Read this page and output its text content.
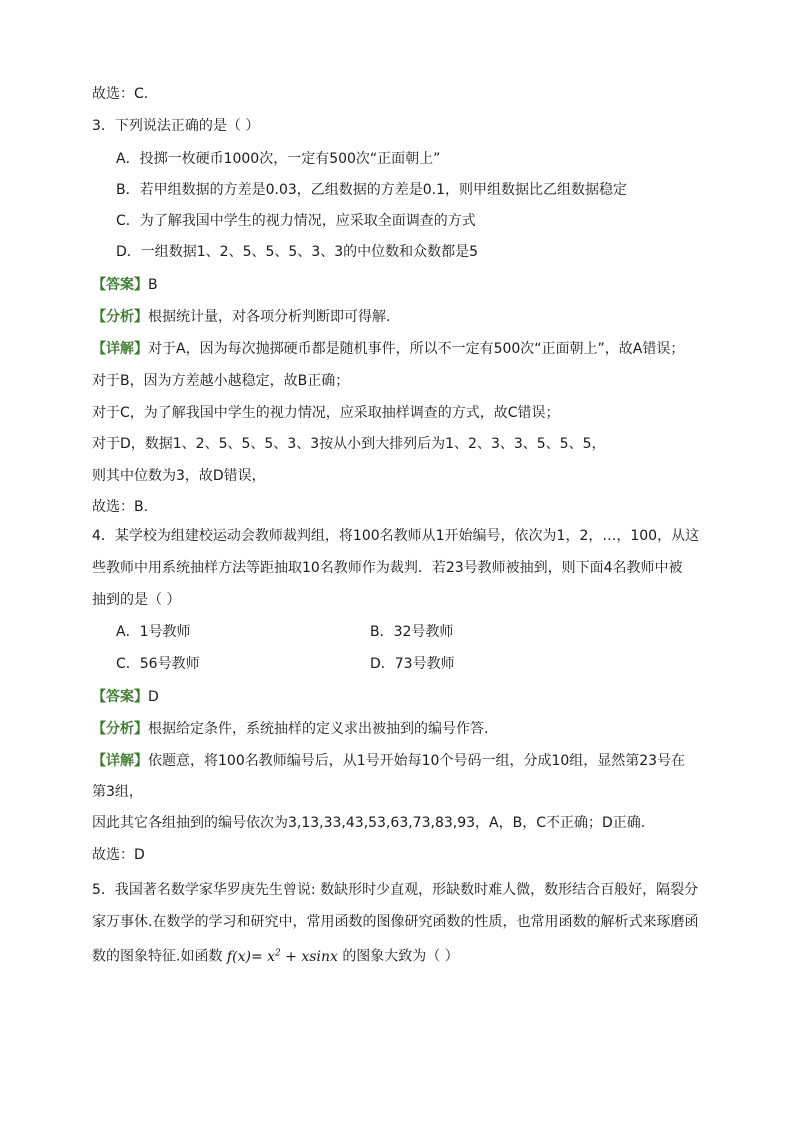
故选：C.
3．下列说法正确的是（ ）
A．投掷一枚硬币1000次，一定有500次“正面朝上”
B．若甲组数据的方差是0.03，乙组数据的方差是0.1，则甲组数据比乙组数据稳定
C．为了解我国中学生的视力情况，应采取全面调查的方式
D．一组数据1、2、5、5、5、3、3的中位数和众数都是5
【答案】B
【分析】根据统计量，对各项分析判断即可得解.
【详解】对于A，因为每次抛掷硬币都是随机事件，所以不一定有500次“正面朝上”，故A错误；
对于B，因为方差越小越稳定，故B正确；
对于C，为了解我国中学生的视力情况，应采取抽样调查的方式，故C错误；
对于D，数据1、2、5、5、5、3、3按从小到大排列后为1、2、3、3、5、5、5，
则其中位数为3，故D错误，
故选：B.
4．某学校为组建校运动会教师裁判组，将100名教师从1开始编号，依次为1，2，…，100，从这
些教师中用系统抽样方法等距抽取10名教师作为裁判．若23号教师被抽到，则下面4名教师中被
抽到的是（ ）
A．1号教师	B．32号教师
C．56号教师	D．73号教师
【答案】D
【分析】根据给定条件，系统抽样的定义求出被抽到的编号作答.
【详解】依题意，将100名教师编号后，从1号开始每10个号码一组，分成10组，显然第23号在
第3组，
因此其它各组抽到的编号依次为3,13,33,43,53,63,73,83,93，A，B，C不正确；D正确.
故选：D
5．我国著名数学家华罗庚先生曾说: 数缺形时少直观，形缺数时难人微，数形结合百般好，隔裂分
家万事休.在数学的学习和研究中，常用函数的图像研究函数的性质，也常用函数的解析式来琢磨函
数的图象特征.如函数 $f(x)= x^2 + xsinx$ 的图象大致为（ ）
